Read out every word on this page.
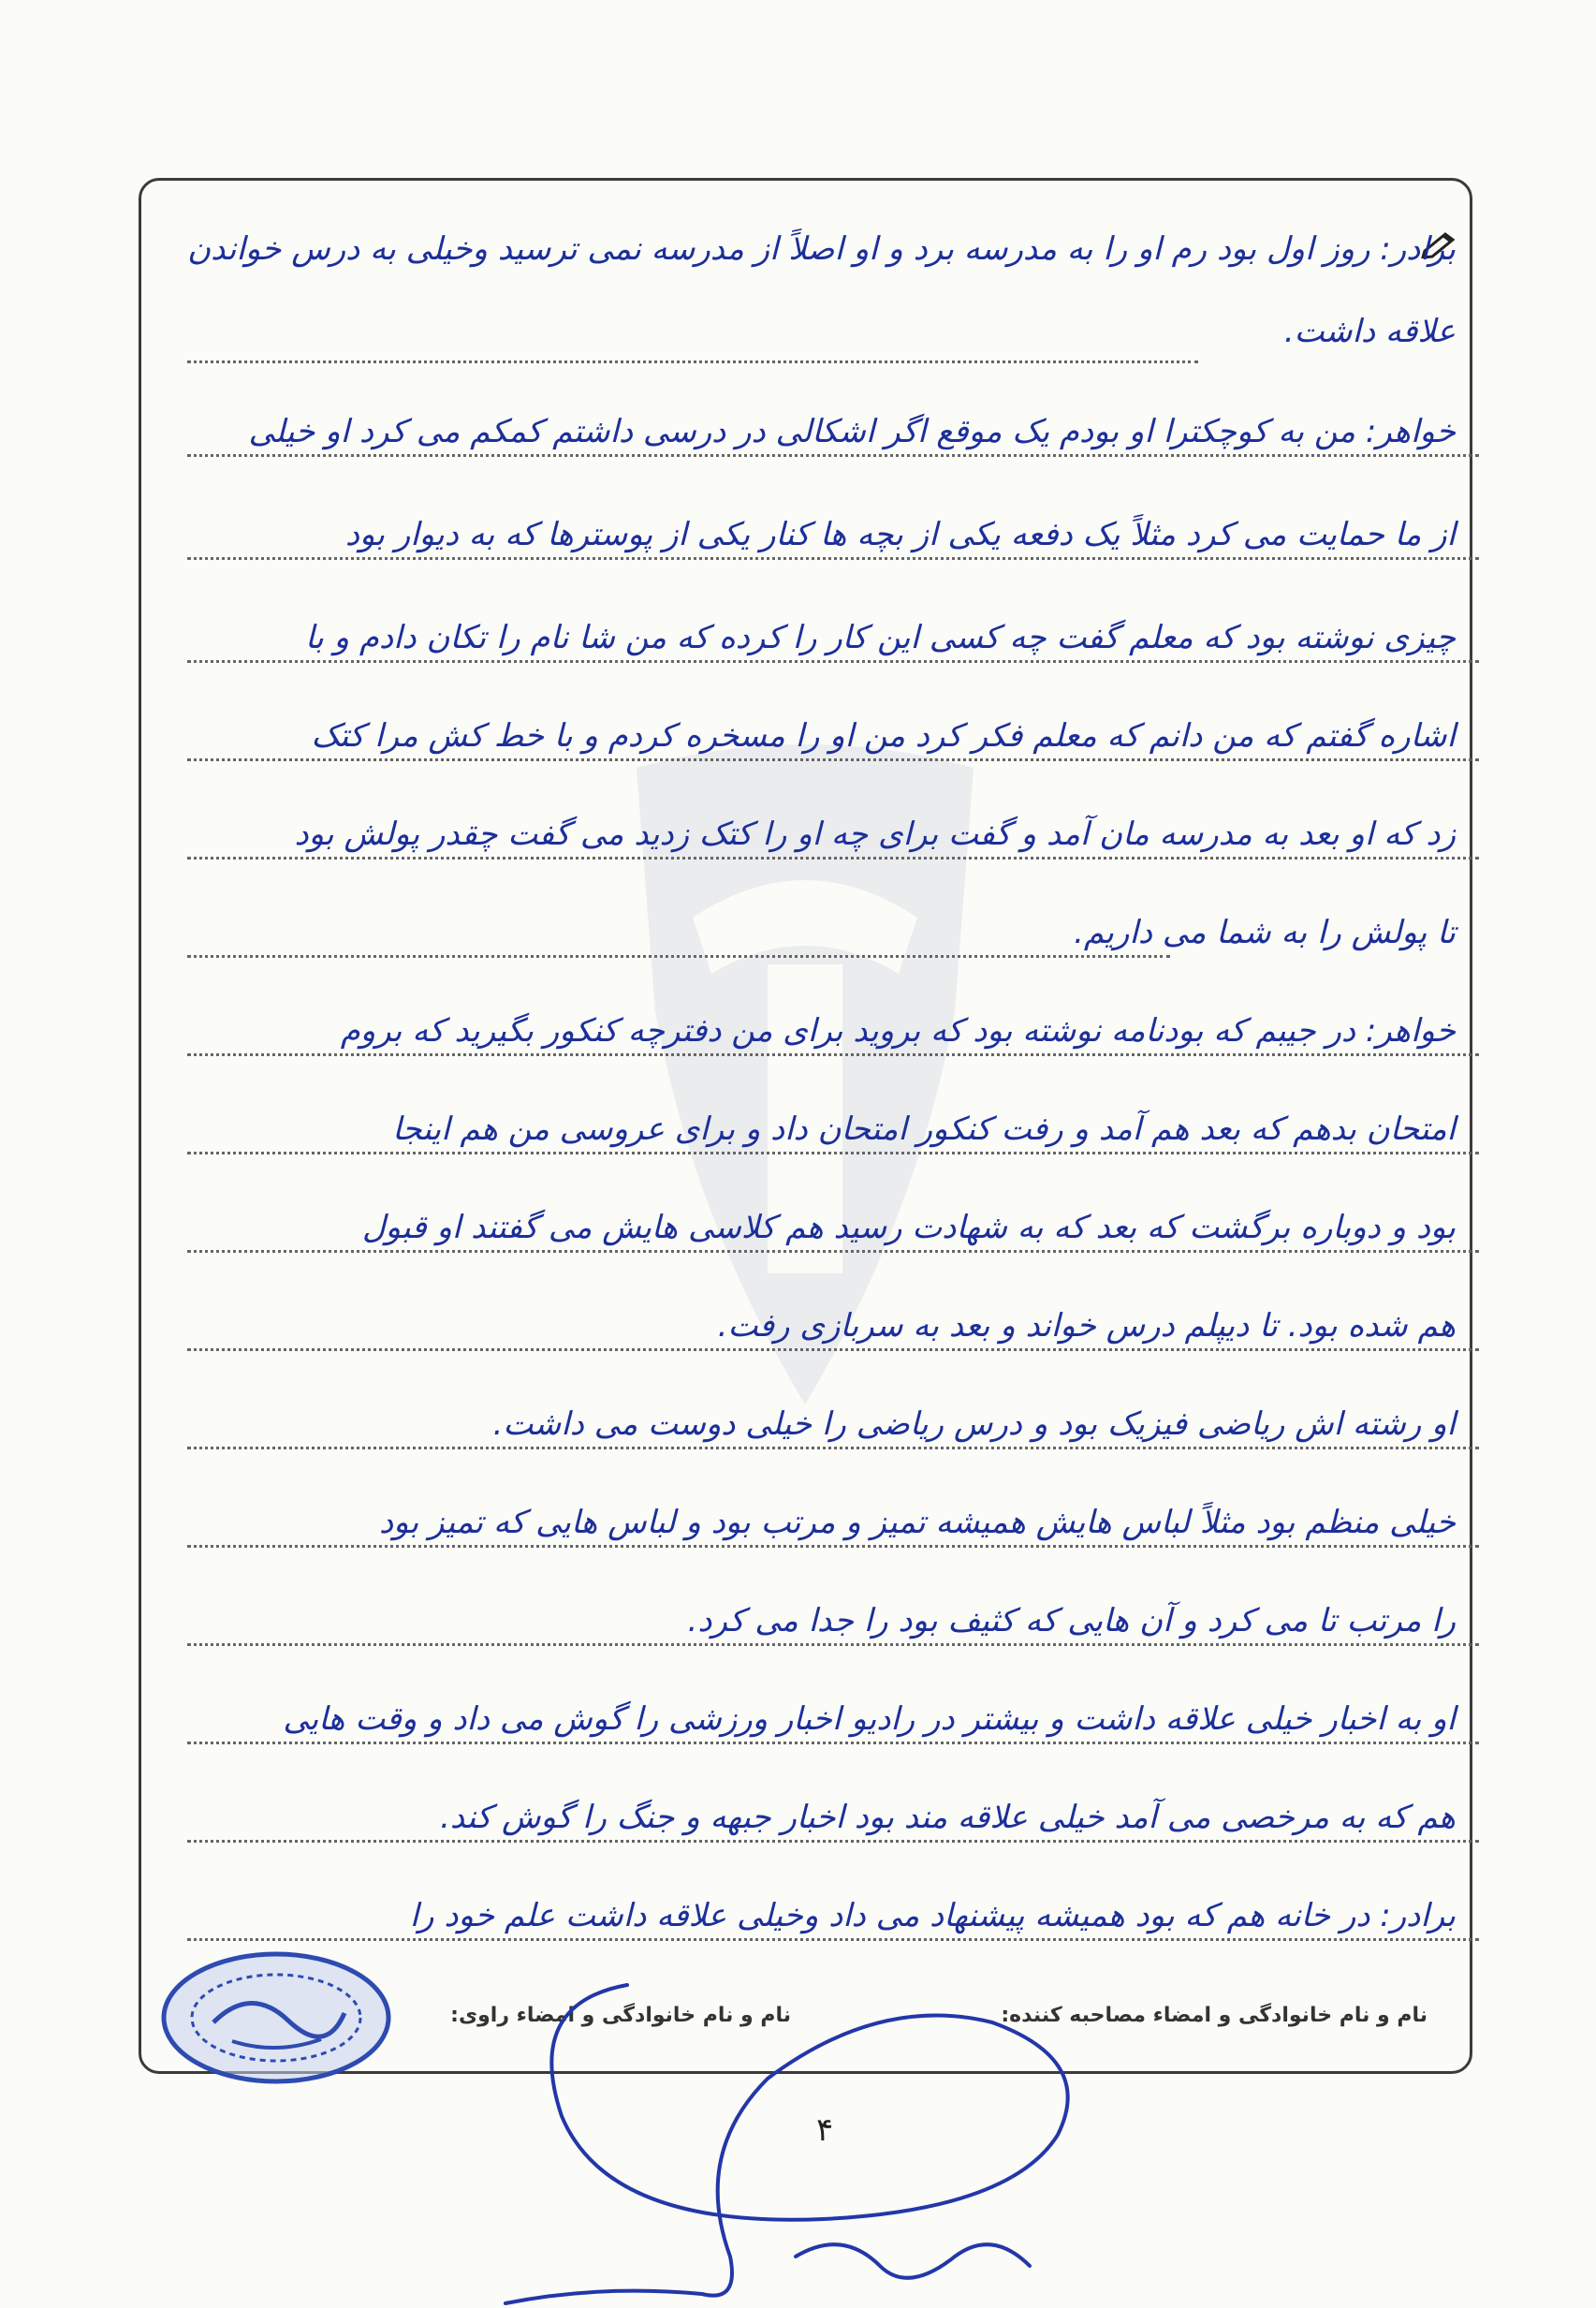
برادر: روز اول بود رم او را به مدرسه برد و او اصلاً از مدرسه نمی ترسید وخیلی به درس خواندن
علاقه داشت.
خواهر: من به کوچکترا او بودم یک موقع اگر اشکالی در درسی داشتم کمکم می کرد او خیلی
از ما حمایت می کرد مثلاً یک دفعه یکی از بچه ها کنار یکی از پوسترها که به دیوار بود
چیزی نوشته بود که معلم گفت چه کسی این کار را کرده که من شا نام را تکان دادم و با
اشاره گفتم که من دانم که معلم فکر کرد من او را مسخره کردم و با خط کش مرا کتک
زد که او بعد به مدرسه مان آمد و گفت برای چه او را کتک زدید می گفت چقدر پولش بود
تا پولش را به شما می داریم.
خواهر: در جیبم که بودنامه نوشته بود که بروید برای من دفترچه کنکور بگیرید که بروم
امتحان بدهم که بعد هم آمد و رفت کنکور امتحان داد و برای عروسی من هم اینجا
بود و دوباره برگشت که بعد که به شهادت رسید هم کلاسی هایش می گفتند او قبول
هم شده بود. تا دیپلم درس خواند و بعد به سربازی رفت.
او رشته اش ریاضی فیزیک بود و درس ریاضی را خیلی دوست می داشت.
خیلی منظم بود مثلاً لباس هایش همیشه تمیز و مرتب بود و لباس هایی که تمیز بود
را مرتب تا می کرد و آن هایی که کثیف بود را جدا می کرد.
او به اخبار خیلی علاقه داشت و بیشتر در رادیو اخبار ورزشی را گوش می داد و وقت هایی
هم که به مرخصی می آمد خیلی علاقه مند بود اخبار جبهه و جنگ را گوش کند.
برادر: در خانه هم که بود همیشه پیشنهاد می داد وخیلی علاقه داشت علم خود را
نام و نام خانوادگی و امضاء مصاحبه کننده:
نام و نام خانوادگی و امضاء راوی:
۴
